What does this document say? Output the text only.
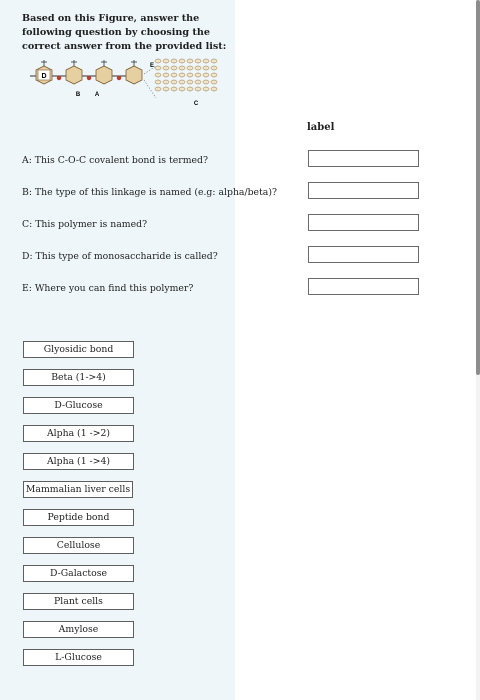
Based on this Figure, answer the following question by choosing the correct answer from the provided list:
D
B A
E
C
A: This C-O-C covalent bond is termed?
B: The type of this linkage is named (e.g: alpha/beta)?
C: This polymer is named?
D: This type of monosaccharide is called?
E: Where you can find this polymer?
label
Glyosidic bond
Beta (1->4)
D-Glucose
Alpha (1 ->2)
Alpha (1 ->4)
Mammalian liver cells
Peptide bond
Cellulose
D-Galactose
Plant cells
Amylose
L-Glucose
